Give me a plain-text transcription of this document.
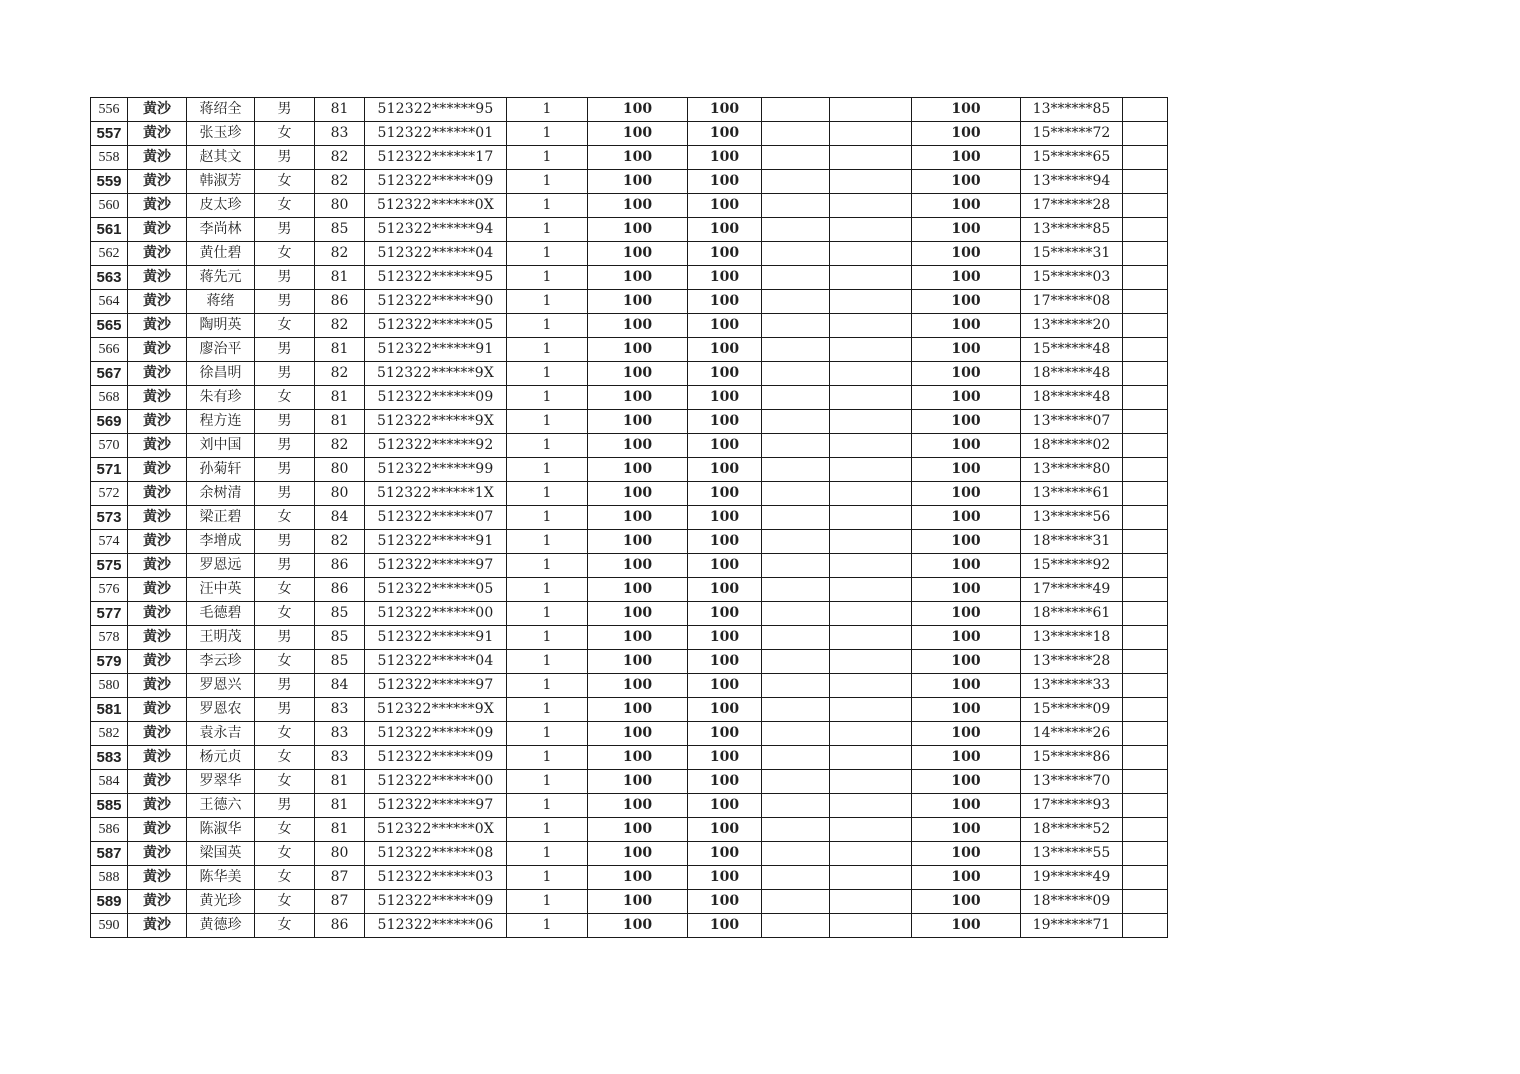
556	黄沙	蒋绍全	男	81	512322******95	1	100	100			100	13******85	
557	黄沙	张玉珍	女	83	512322******01	1	100	100			100	15******72	
558	黄沙	赵其文	男	82	512322******17	1	100	100			100	15******65	
559	黄沙	韩淑芳	女	82	512322******09	1	100	100			100	13******94	
560	黄沙	皮太珍	女	80	512322******0X	1	100	100			100	17******28	
561	黄沙	李尚林	男	85	512322******94	1	100	100			100	13******85	
562	黄沙	黄仕碧	女	82	512322******04	1	100	100			100	15******31	
563	黄沙	蒋先元	男	81	512322******95	1	100	100			100	15******03	
564	黄沙	蒋绪	男	86	512322******90	1	100	100			100	17******08	
565	黄沙	陶明英	女	82	512322******05	1	100	100			100	13******20	
566	黄沙	廖治平	男	81	512322******91	1	100	100			100	15******48	
567	黄沙	徐昌明	男	82	512322******9X	1	100	100			100	18******48	
568	黄沙	朱有珍	女	81	512322******09	1	100	100			100	18******48	
569	黄沙	程方连	男	81	512322******9X	1	100	100			100	13******07	
570	黄沙	刘中国	男	82	512322******92	1	100	100			100	18******02	
571	黄沙	孙菊轩	男	80	512322******99	1	100	100			100	13******80	
572	黄沙	余树清	男	80	512322******1X	1	100	100			100	13******61	
573	黄沙	梁正碧	女	84	512322******07	1	100	100			100	13******56	
574	黄沙	李增成	男	82	512322******91	1	100	100			100	18******31	
575	黄沙	罗恩远	男	86	512322******97	1	100	100			100	15******92	
576	黄沙	汪中英	女	86	512322******05	1	100	100			100	17******49	
577	黄沙	毛德碧	女	85	512322******00	1	100	100			100	18******61	
578	黄沙	王明茂	男	85	512322******91	1	100	100			100	13******18	
579	黄沙	李云珍	女	85	512322******04	1	100	100			100	13******28	
580	黄沙	罗恩兴	男	84	512322******97	1	100	100			100	13******33	
581	黄沙	罗恩农	男	83	512322******9X	1	100	100			100	15******09	
582	黄沙	袁永吉	女	83	512322******09	1	100	100			100	14******26	
583	黄沙	杨元贞	女	83	512322******09	1	100	100			100	15******86	
584	黄沙	罗翠华	女	81	512322******00	1	100	100			100	13******70	
585	黄沙	王德六	男	81	512322******97	1	100	100			100	17******93	
586	黄沙	陈淑华	女	81	512322******0X	1	100	100			100	18******52	
587	黄沙	梁国英	女	80	512322******08	1	100	100			100	13******55	
588	黄沙	陈华美	女	87	512322******03	1	100	100			100	19******49	
589	黄沙	黄光珍	女	87	512322******09	1	100	100			100	18******09	
590	黄沙	黄德珍	女	86	512322******06	1	100	100			100	19******71	
